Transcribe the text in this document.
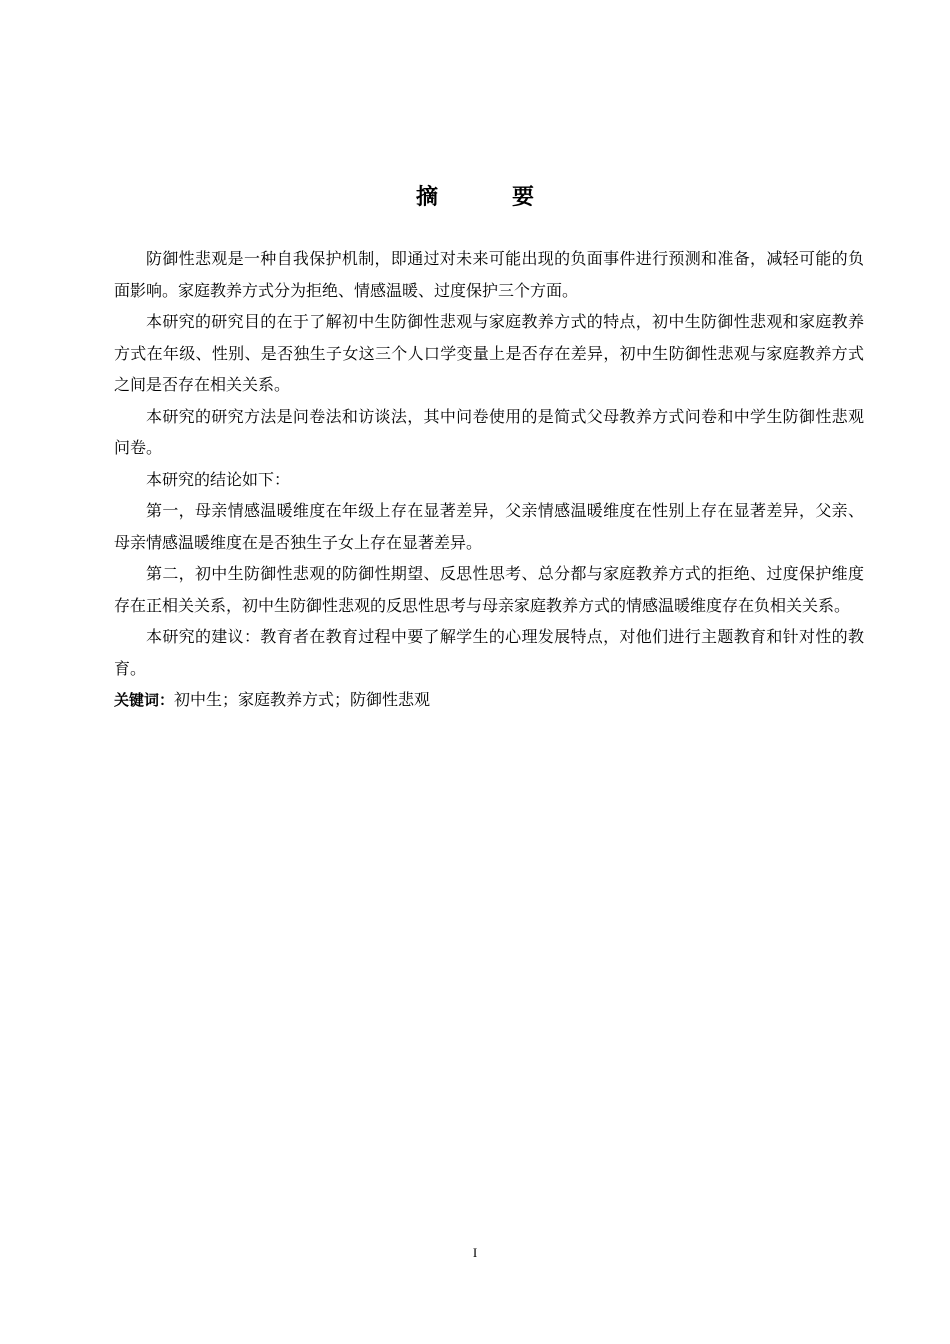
摘　要

防御性悲观是一种自我保护机制，即通过对未来可能出现的负面事件进行预测和准备，减轻可能的负面影响。家庭教养方式分为拒绝、情感温暖、过度保护三个方面。

本研究的研究目的在于了解初中生防御性悲观与家庭教养方式的特点，初中生防御性悲观和家庭教养方式在年级、性别、是否独生子女这三个人口学变量上是否存在差异，初中生防御性悲观与家庭教养方式之间是否存在相关关系。

本研究的研究方法是问卷法和访谈法，其中问卷使用的是简式父母教养方式问卷和中学生防御性悲观问卷。

本研究的结论如下：

第一，母亲情感温暖维度在年级上存在显著差异，父亲情感温暖维度在性别上存在显著差异，父亲、母亲情感温暖维度在是否独生子女上存在显著差异。

第二，初中生防御性悲观的防御性期望、反思性思考、总分都与家庭教养方式的拒绝、过度保护维度存在正相关关系，初中生防御性悲观的反思性思考与母亲家庭教养方式的情感温暖维度存在负相关关系。

本研究的建议：教育者在教育过程中要了解学生的心理发展特点，对他们进行主题教育和针对性的教育。

关键词：初中生；家庭教养方式；防御性悲观

I
